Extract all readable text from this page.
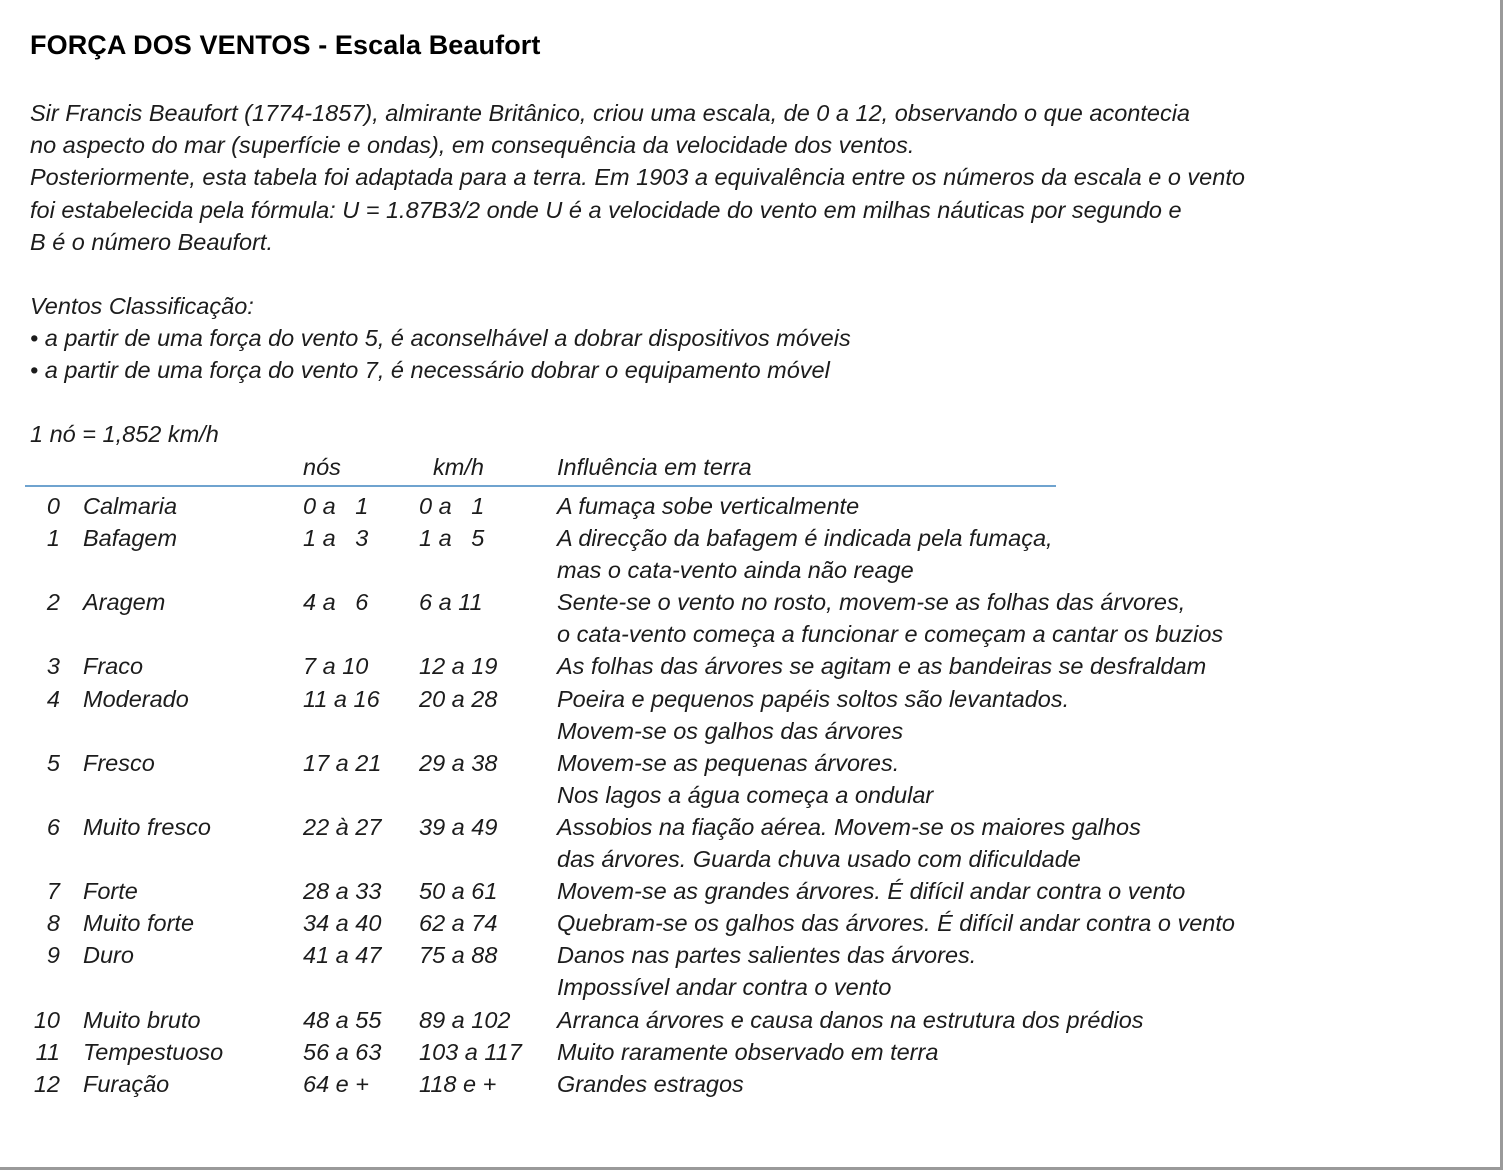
FORÇA DOS VENTOS - Escala Beaufort
Sir Francis Beaufort (1774-1857), almirante Britânico, criou uma escala, de 0 a 12, observando o que acontecia
no aspecto do mar (superfície e ondas), em consequência da velocidade dos ventos.
Posteriormente, esta tabela foi adaptada para a terra. Em 1903 a equivalência entre os números da escala e o vento
foi estabelecida pela fórmula: U = 1.87B3/2 onde U é a velocidade do vento em milhas náuticas por segundo e
B é o número Beaufort.
Ventos Classificação:
• a partir de uma força do vento 5, é aconselhável a dobrar dispositivos móveis
• a partir de uma força do vento 7, é necessário dobrar o equipamento móvel

1 nó = 1,852 km/h

nós	km/h	Influência em terra
0 Calmaria	0 a   1 0 a   1	A fumaça sobe verticalmente
1 Bafagem	1 a   3 1 a   5	A direcção da bafagem é indicada pela fumaça,
mas o cata-vento ainda não reage
2 Aragem	4 a   6 6 a 11	Sente-se o vento no rosto, movem-se as folhas das árvores,
o cata-vento começa a funcionar e começam a cantar os buzios
3 Fraco	7 a 10 12 a 19	As folhas das árvores se agitam e as bandeiras se desfraldam
4 Moderado	11 a 16 20 a 28	Poeira e pequenos papéis soltos são levantados.
Movem-se os galhos das árvores
5 Fresco	17 a 21 29 a 38	Movem-se as pequenas árvores.
Nos lagos a água começa a ondular
6 Muito fresco	22 à 27 39 a 49	Assobios na fiação aérea. Movem-se os maiores galhos
das árvores. Guarda chuva usado com dificuldade
7 Forte	28 a 33 50 a 61	Movem-se as grandes árvores. É difícil andar contra o vento
8 Muito forte	34 a 40 62 a 74	Quebram-se os galhos das árvores. É difícil andar contra o vento
9 Duro	41 a 47 75 a 88	Danos nas partes salientes das árvores.
Impossível andar contra o vento
10 Muito bruto	48 a 55 89 a 102 Arranca árvores e causa danos na estrutura dos prédios
11 Tempestuoso	56 a 63 103 a 117 Muito raramente observado em terra
12 Furação	64 e + 118 e +	Grandes estragos
